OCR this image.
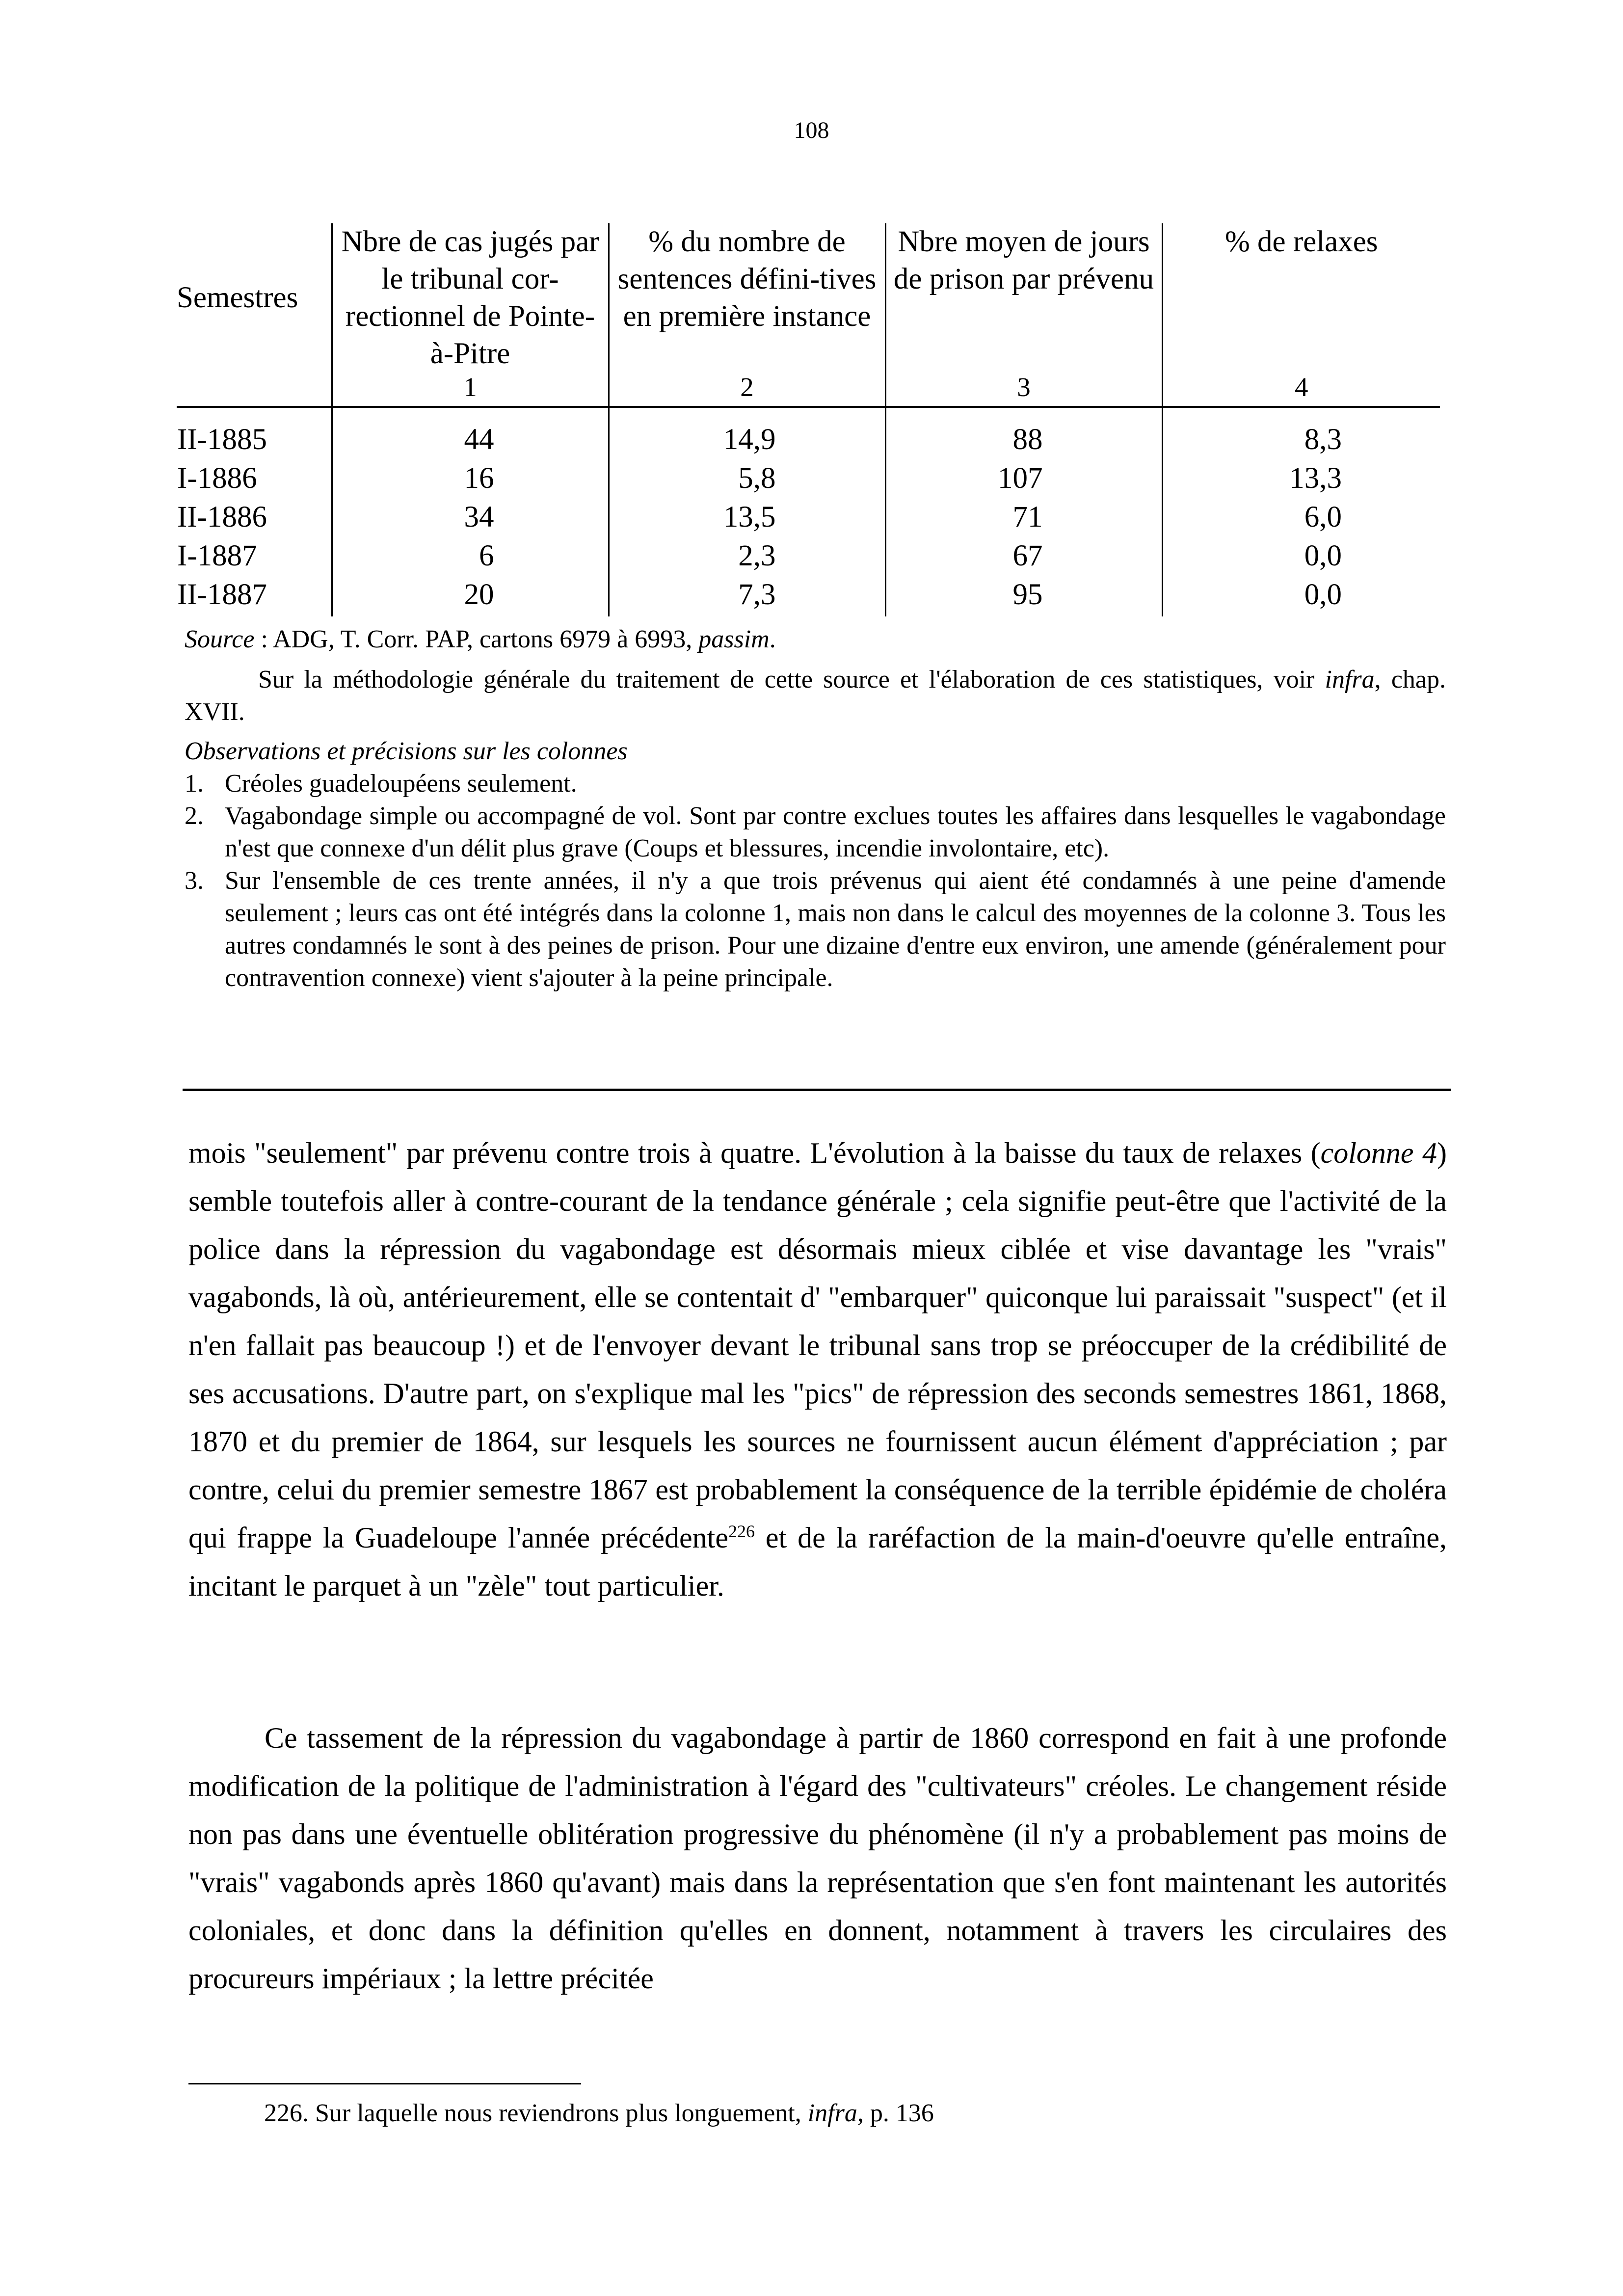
108
Semestres	Nbre de cas jugés par le tribunal cor-rectionnel de Pointe-à-Pitre	% du nombre de sentences défini-tives en première instance	Nbre moyen de jours de prison par prévenu	% de relaxes
	1	2	3	4
II-1885	44	14,9	88	8,3
I-1886	16	5,8	107	13,3
II-1886	34	13,5	71	6,0
I-1887	6	2,3	67	0,0
II-1887	20	7,3	95	0,0

Source : ADG, T. Corr. PAP, cartons 6979 à 6993, passim.

Sur la méthodologie générale du traitement de cette source et l'élaboration de ces statistiques, voir infra, chap. XVII.

Observations et précisions sur les colonnes

1. Créoles guadeloupéens seulement.
2. Vagabondage simple ou accompagné de vol. Sont par contre exclues toutes les affaires dans lesquelles le vagabondage n'est que connexe d'un délit plus grave (Coups et blessures, incendie involontaire, etc).
3. Sur l'ensemble de ces trente années, il n'y a que trois prévenus qui aient été condamnés à une peine d'amende seulement ; leurs cas ont été intégrés dans la colonne 1, mais non dans le calcul des moyennes de la colonne 3. Tous les autres condamnés le sont à des peines de prison. Pour une dizaine d'entre eux environ, une amende (généralement pour contravention connexe) vient s'ajouter à la peine principale.

mois "seulement" par prévenu contre trois à quatre. L'évolution à la baisse du taux de relaxes (colonne 4) semble toutefois aller à contre-courant de la tendance générale ; cela signifie peut-être que l'activité de la police dans la répression du vagabondage est désormais mieux ciblée et vise davantage les "vrais" vagabonds, là où, antérieurement, elle se contentait d' "embarquer" quiconque lui paraissait "suspect" (et il n'en fallait pas beaucoup !) et de l'envoyer devant le tribunal sans trop se préoccuper de la crédibilité de ses accusations. D'autre part, on s'explique mal les "pics" de répression des seconds semestres 1861, 1868, 1870 et du premier de 1864, sur lesquels les sources ne fournissent aucun élément d'appréciation ; par contre, celui du premier semestre 1867 est probablement la conséquence de la terrible épidémie de choléra qui frappe la Guadeloupe l'année précédente$^{226}$ et de la raréfaction de la main-d'oeuvre qu'elle entraîne, incitant le parquet à un "zèle" tout particulier.

Ce tassement de la répression du vagabondage à partir de 1860 correspond en fait à une profonde modification de la politique de l'administration à l'égard des "cultivateurs" créoles. Le changement réside non pas dans une éventuelle oblitération progressive du phénomène (il n'y a probablement pas moins de "vrais" vagabonds après 1860 qu'avant) mais dans la représentation que s'en font maintenant les autorités coloniales, et donc dans la définition qu'elles en donnent, notamment à travers les circulaires des procureurs impériaux ; la lettre précitée

226. Sur laquelle nous reviendrons plus longuement, infra, p. 136
